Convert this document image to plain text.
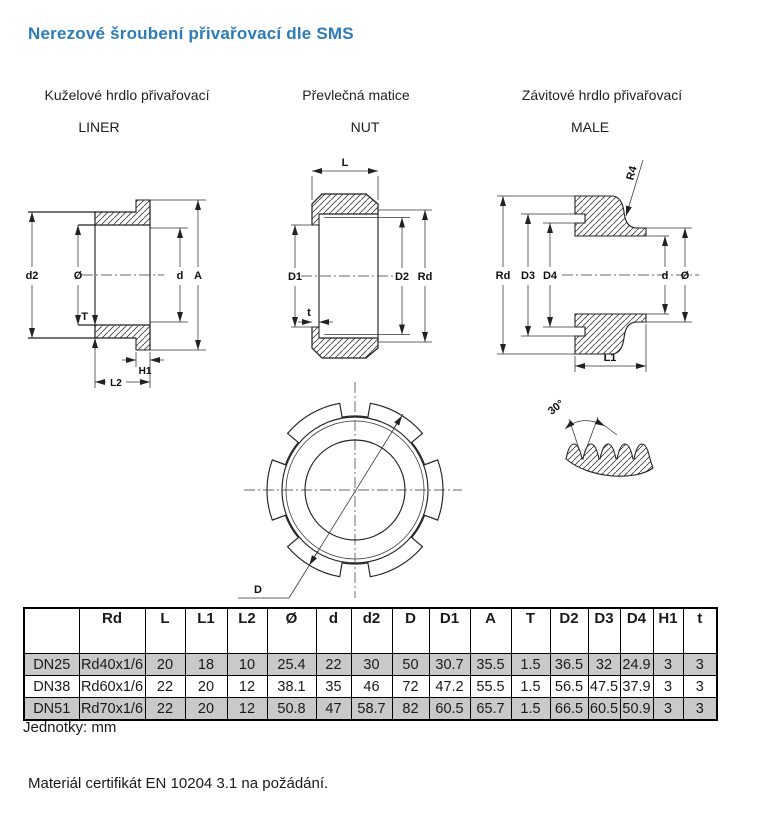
Nerezové šroubení přivařovací dle SMS
Kuželové hrdlo přivařovací	Převlečná matice	Závitové hrdlo přivařovací
LINER	NUT	MALE
d2	Ø	d A
T
H1
L2
L
D1	D2 Rd
t
Rd D3 D4	d Ø
L1
R4
D
30°
	Rd	L	L1	L2	Ø	d	d2	D	D1	A	T	D2	D3	D4	H1	t
DN25	Rd40x1/6	20	18	10	25.4	22	30	50	30.7	35.5	1.5	36.5	32	24.9	3	3
DN38	Rd60x1/6	22	20	12	38.1	35	46	72	47.2	55.5	1.5	56.5	47.5	37.9	3	3
DN51	Rd70x1/6	22	20	12	50.8	47	58.7	82	60.5	65.7	1.5	66.5	60.5	50.9	3	3
Jednotky: mm
Materiál certifikát EN 10204 3.1 na požádání.
